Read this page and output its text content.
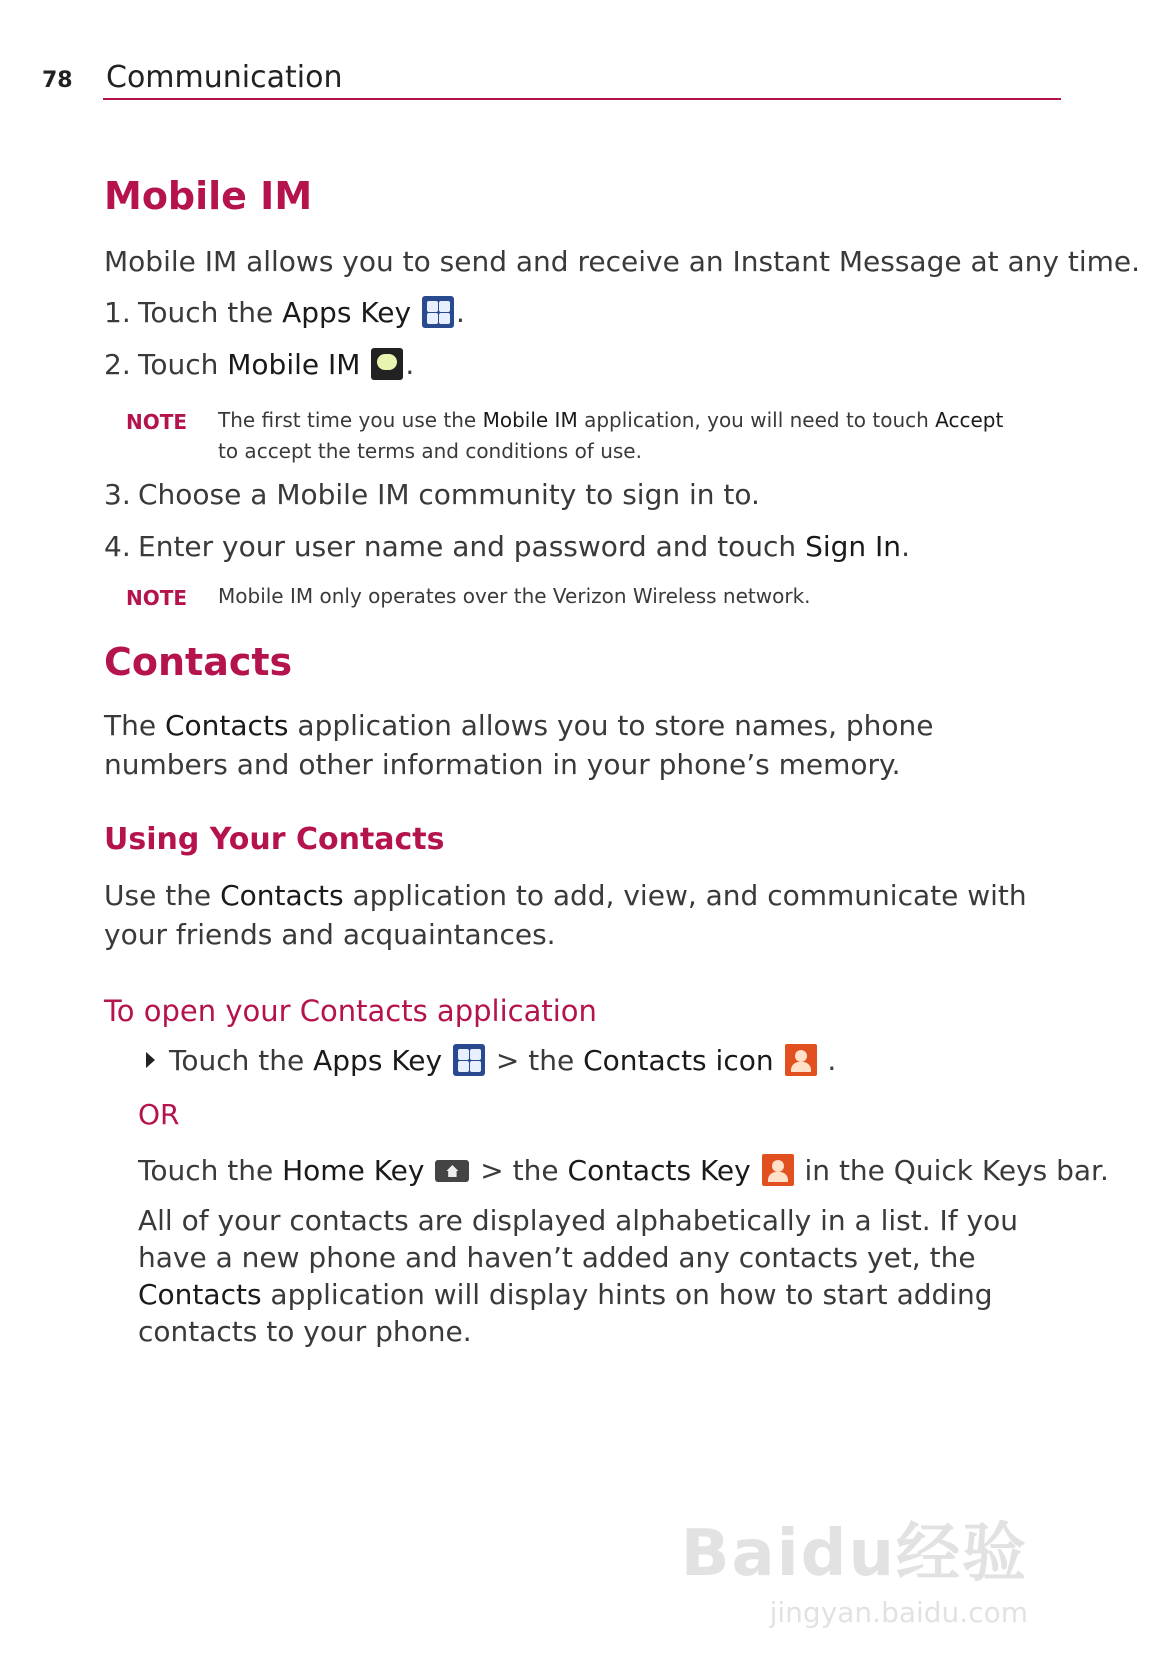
78 Communication
Mobile IM
Mobile IM allows you to send and receive an Instant Message at any time.
1. Touch the Apps Key .
2. Touch Mobile IM .
NOTE The first time you use the Mobile IM application, you will need to touch Accept to accept the terms and conditions of use.
3. Choose a Mobile IM community to sign in to.
4. Enter your user name and password and touch Sign In.
NOTE Mobile IM only operates over the Verizon Wireless network.
Contacts
The Contacts application allows you to store names, phone numbers and other information in your phone’s memory.
Using Your Contacts
Use the Contacts application to add, view, and communicate with your friends and acquaintances.
To open your Contacts application
Touch the Apps Key
> the Contacts icon
.
OR
Touch the Home Key
> the Contacts Key
in the Quick Keys bar.
All of your contacts are displayed alphabetically in a list. If you have a new phone and haven’t added any contacts yet, the Contacts application will display hints on how to start adding contacts to your phone.
Baidu经验
jingyan.baidu.com
